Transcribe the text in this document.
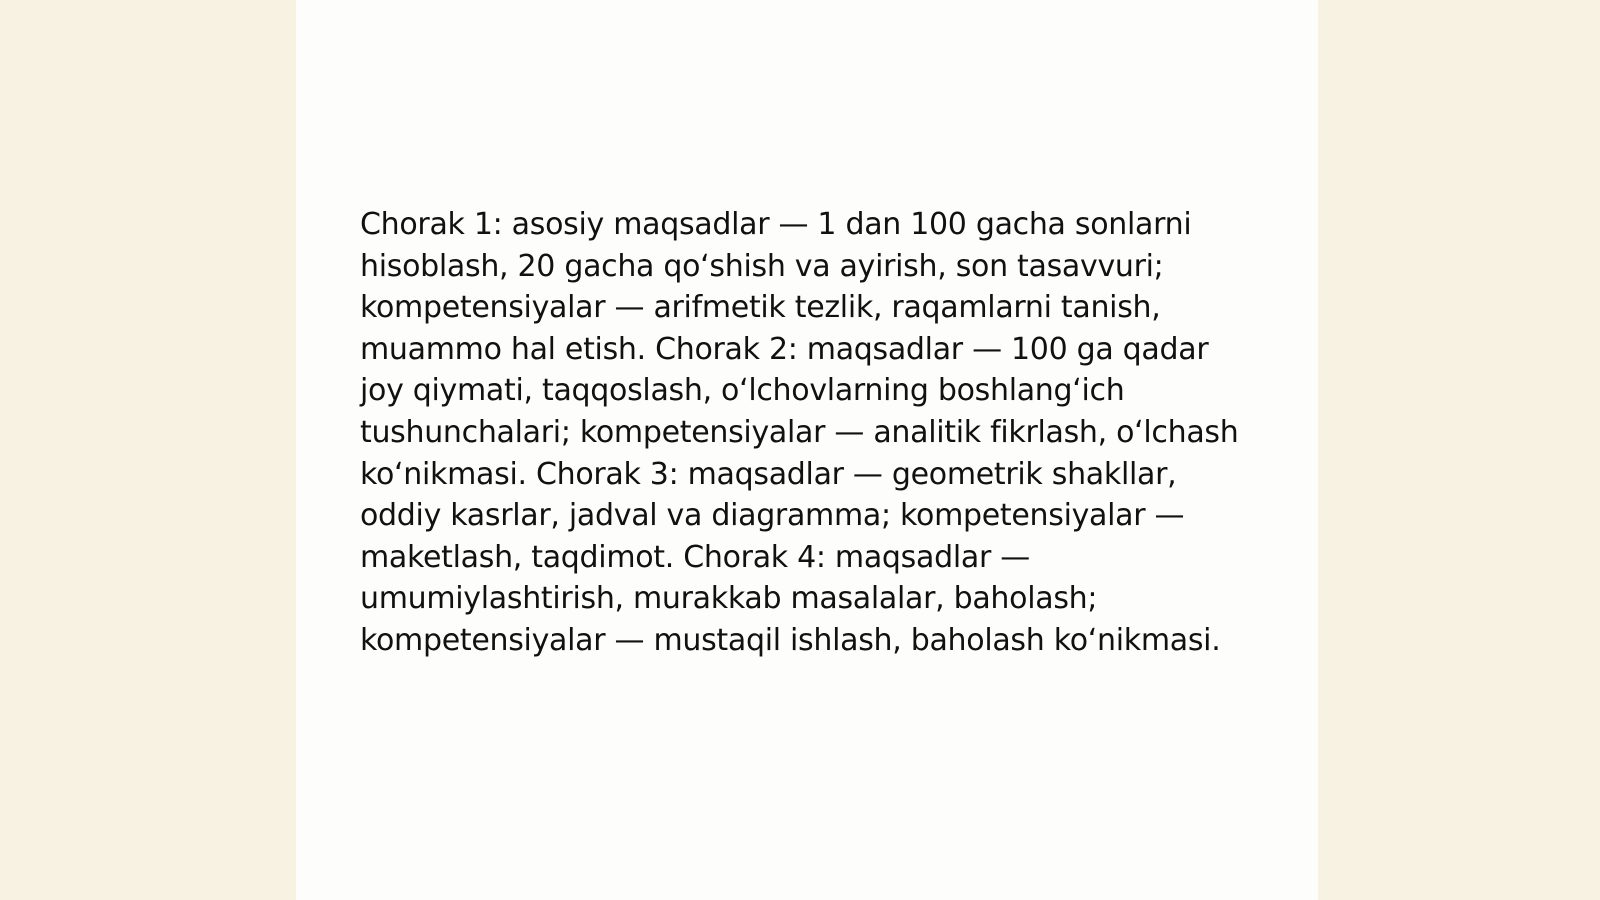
Chorak 1: asosiy maqsadlar — 1 dan 100 gacha sonlarni hisoblash, 20 gacha qoʻshish va ayirish, son tasavvuri; kompetensiyalar — arifmetik tezlik, raqamlarni tanish, muammo hal etish. Chorak 2: maqsadlar — 100 ga qadar joy qiymati, taqqoslash, oʻlchovlarning boshlangʻich tushunchalari; kompetensiyalar — analitik fikrlash, oʻlchash koʻnikmasi. Chorak 3: maqsadlar — geometrik shakllar, oddiy kasrlar, jadval va diagramma; kompetensiyalar — maketlash, taqdimot. Chorak 4: maqsadlar — umumiylashtirish, murakkab masalalar, baholash; kompetensiyalar — mustaqil ishlash, baholash koʻnikmasi.
